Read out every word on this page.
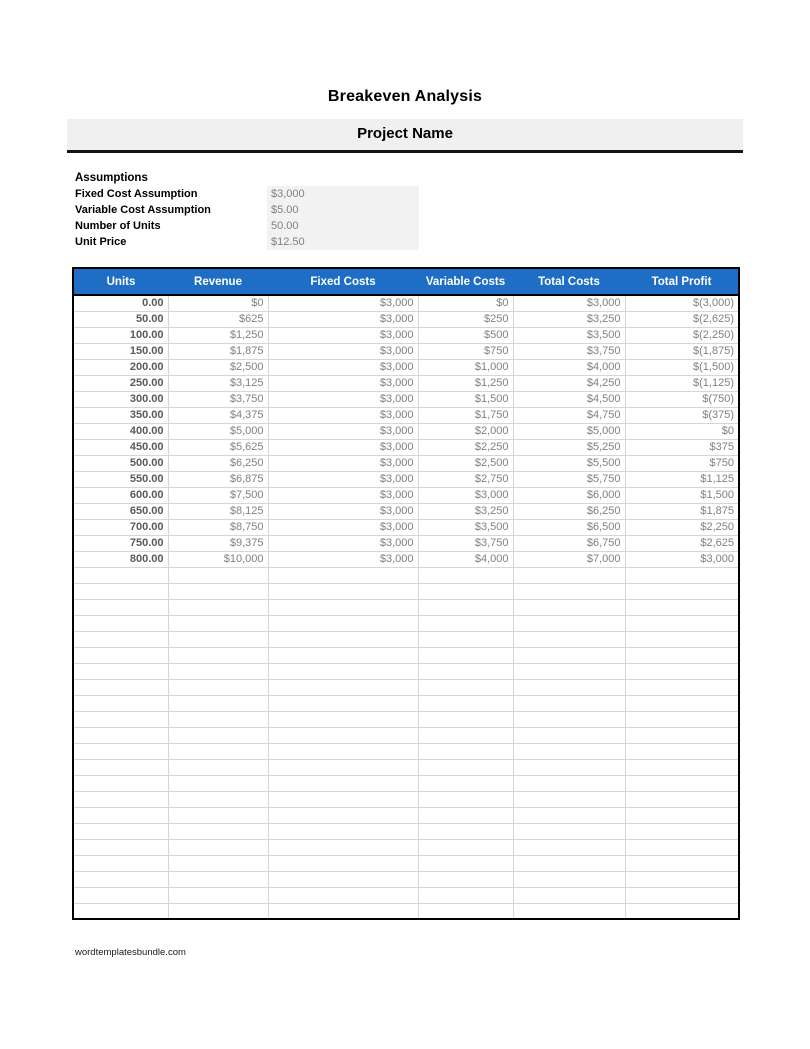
Breakeven Analysis
Project Name
Assumptions
Fixed Cost Assumption	$3,000
Variable Cost Assumption	$5.00
Number of Units	50.00
Unit Price	$12.50
Units	Revenue	Fixed Costs	Variable Costs	Total Costs	Total Profit
0.00	$0	$3,000	$0	$3,000	$(3,000)
50.00	$625	$3,000	$250	$3,250	$(2,625)
100.00	$1,250	$3,000	$500	$3,500	$(2,250)
150.00	$1,875	$3,000	$750	$3,750	$(1,875)
200.00	$2,500	$3,000	$1,000	$4,000	$(1,500)
250.00	$3,125	$3,000	$1,250	$4,250	$(1,125)
300.00	$3,750	$3,000	$1,500	$4,500	$(750)
350.00	$4,375	$3,000	$1,750	$4,750	$(375)
400.00	$5,000	$3,000	$2,000	$5,000	$0
450.00	$5,625	$3,000	$2,250	$5,250	$375
500.00	$6,250	$3,000	$2,500	$5,500	$750
550.00	$6,875	$3,000	$2,750	$5,750	$1,125
600.00	$7,500	$3,000	$3,000	$6,000	$1,500
650.00	$8,125	$3,000	$3,250	$6,250	$1,875
700.00	$8,750	$3,000	$3,500	$6,500	$2,250
750.00	$9,375	$3,000	$3,750	$6,750	$2,625
800.00	$10,000	$3,000	$4,000	$7,000	$3,000

wordtemplatesbundle.com
